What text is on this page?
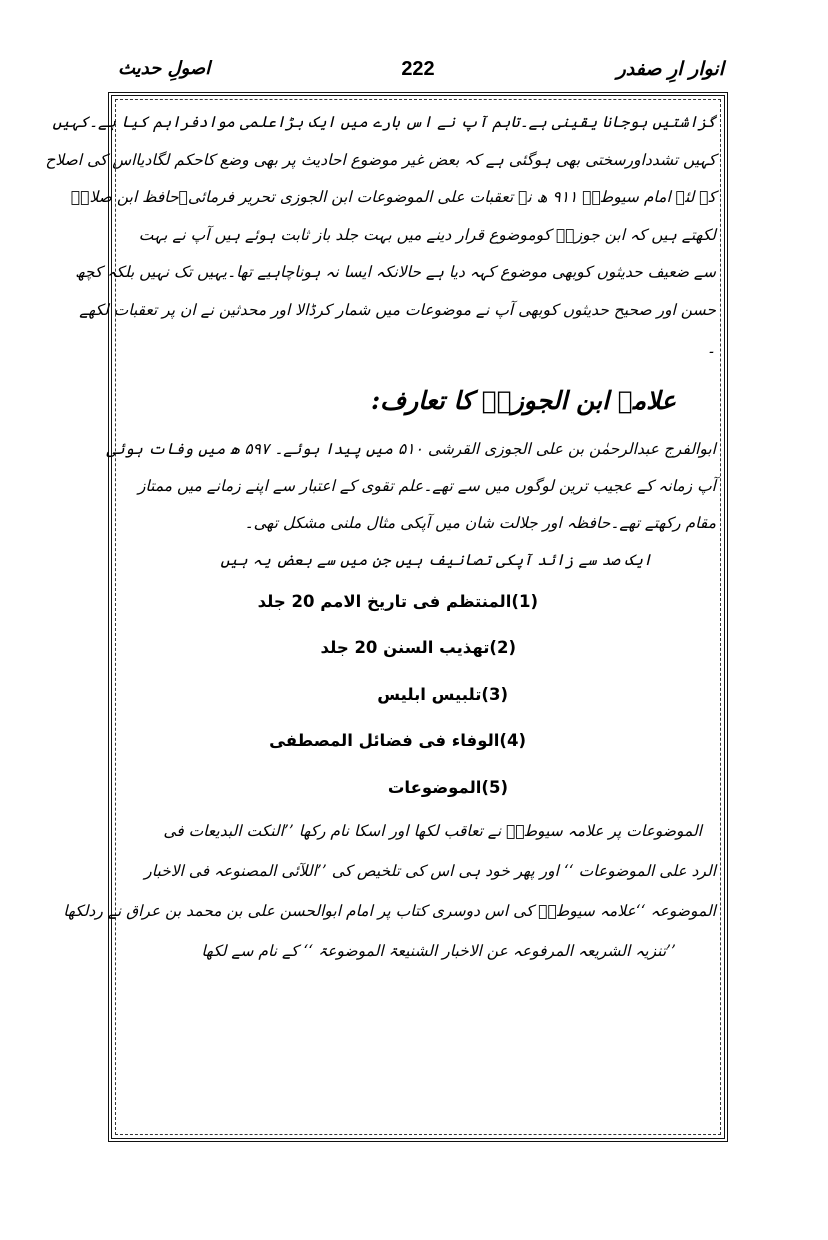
انوار ارِ صفدر
222
اصولِ حدیث
گزاشتیں ہوجانا یقینی ہے۔تاہم آپ نے اس بارے میں ایک بڑاعلمی موادفراہم کیا ہے۔کہیں
کہیں تشدداورسختی بھی ہوگئی ہے کہ بعض غیر موضوع احادیث پر بھی وضع کاحکم لگادیااس کی اصلاح
کے لئے امام سیوطیؒ ۹۱۱ ھ نے تعقبات علی الموضوعات ابن الجوزی تحریر فرمائی۔حافظ ابن صلاحؒ
لکھتے ہیں کہ ابن جوزیؒ کوموضوع قرار دینے میں بہت جلد باز ثابت ہوئے ہیں آپ نے بہت
سے ضعیف حدیثوں کوبھی موضوع کہہ دیا ہے حالانکہ ایسا نہ ہوناچاہیے تھا۔یہیں تک نہیں بلکہ کچھ
حسن اور صحیح حدیثوں کوبھی آپ نے موضوعات میں شمار کرڈالا اور محدثین نے ان پر تعقبات لکھے
۔
علامہ ابن الجوزیؒ کا تعارف:
ابوالفرج عبدالرحمٰن بن علی الجوزی القرشی ۵۱۰ میں پیدا ہوئے۔ ۵۹۷ ھ میں وفات ہوئی
آپ زمانہ کے عجیب ترین لوگوں میں سے تھے۔علم تقوی کے اعتبار سے اپنے زمانے میں ممتاز
مقام رکھتے تھے۔حافظہ اور جلالت شان میں آپکی مثال ملنی مشکل تھی۔
ایک صد سے زائد آپکی تصانیف ہیں جن میں سے بعض یہ ہیں
(1)المنتظم فی تاریخ الامم 20 جلد
(2)تھذیب السنن 20 جلد
(3)تلبیس ابلیس
(4)الوفاء فی فضائل المصطفی
(5)الموضوعات
الموضوعات پر علامہ سیوطیؒ نے تعاقب لکھا اور اسکا نام رکھا ’’النکت البدیعات فی
الرد علی الموضوعات ‘‘ اور پھر خود ہی اس کی تلخیص کی ’’اللآئی المصنوعہ فی الاخبار
الموضوعہ ‘‘علامہ سیوطیؒ کی اس دوسری کتاب پر امام ابوالحسن علی بن محمد بن عراق نے ردلکھا
’’تنزیہ الشریعہ المرفوعہ عن الاخبار الشنیعۃ الموضوعۃ ‘‘ کے نام سے لکھا
